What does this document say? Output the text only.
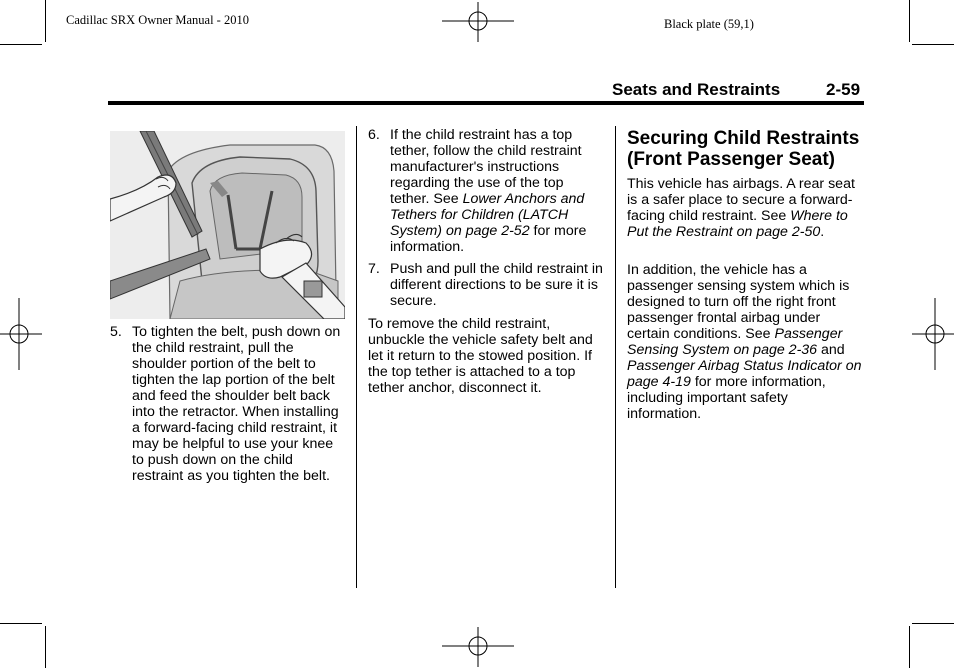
Cadillac SRX Owner Manual - 2010	Black plate (59,1)
Seats and Restraints	2-59
5. To tighten the belt, push down on the child restraint, pull the shoulder portion of the belt to tighten the lap portion of the belt and feed the shoulder belt back into the retractor. When installing a forward-facing child restraint, it may be helpful to use your knee to push down on the child restraint as you tighten the belt.
6. If the child restraint has a top tether, follow the child restraint manufacturer's instructions regarding the use of the top tether. See Lower Anchors and Tethers for Children (LATCH System) on page 2-52 for more information.
7. Push and pull the child restraint in different directions to be sure it is secure.
To remove the child restraint, unbuckle the vehicle safety belt and let it return to the stowed position. If the top tether is attached to a top tether anchor, disconnect it.
Securing Child Restraints
(Front Passenger Seat)
This vehicle has airbags. A rear seat is a safer place to secure a forward-facing child restraint. See Where to Put the Restraint on page 2-50.
In addition, the vehicle has a passenger sensing system which is designed to turn off the right front passenger frontal airbag under certain conditions. See Passenger Sensing System on page 2-36 and Passenger Airbag Status Indicator on page 4-19 for more information, including important safety information.
